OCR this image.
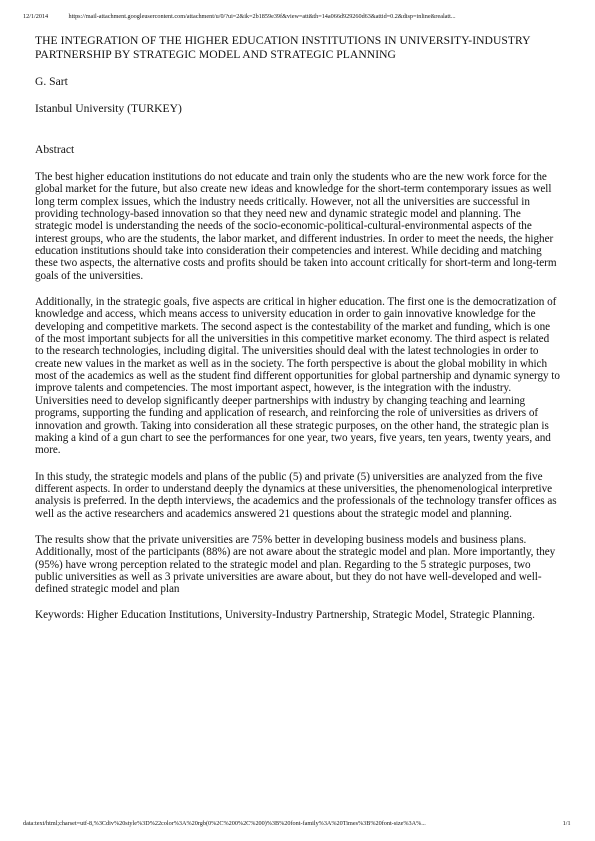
12/1/2014	https://mail-attachment.googleusercontent.com/attachment/u/0/?ui=2&ik=2b1859e39f&view=att&th=14a066d929260d63&attid=0.2&disp=inline&realatt...
THE INTEGRATION OF THE HIGHER EDUCATION INSTITUTIONS IN UNIVERSITY-INDUSTRY PARTNERSHIP BY STRATEGIC MODEL AND STRATEGIC PLANNING

G. Sart

Istanbul University (TURKEY)

Abstract

The best higher education institutions do not educate and train only the students who are the new work force for the global market for the future, but also create new ideas and knowledge for the short-term contemporary issues as well long term complex issues, which the industry needs critically. However, not all the universities are successful in providing technology-based innovation so that they need new and dynamic strategic model and planning. The strategic model is understanding the needs of the socio-economic-political-cultural-environmental aspects of the interest groups, who are the students, the labor market, and different industries. In order to meet the needs, the higher education institutions should take into consideration their competencies and interest. While deciding and matching these two aspects, the alternative costs and profits should be taken into account critically for short-term and long-term goals of the universities.

Additionally, in the strategic goals, five aspects are critical in higher education. The first one is the democratization of knowledge and access, which means access to university education in order to gain innovative knowledge for the developing and competitive markets. The second aspect is the contestability of the market and funding, which is one of the most important subjects for all the universities in this competitive market economy. The third aspect is related to the research technologies, including digital. The universities should deal with the latest technologies in order to create new values in the market as well as in the society. The forth perspective is about the global mobility in which most of the academics as well as the student find different opportunities for global partnership and dynamic synergy to improve talents and competencies. The most important aspect, however, is the integration with the industry. Universities need to develop significantly deeper partnerships with industry by changing teaching and learning programs, supporting the funding and application of research, and reinforcing the role of universities as drivers of innovation and growth. Taking into consideration all these strategic purposes, on the other hand, the strategic plan is making a kind of a gun chart to see the performances for one year, two years, five years, ten years, twenty years, and more.

In this study, the strategic models and plans of the public (5) and private (5) universities are analyzed from the five different aspects. In order to understand deeply the dynamics at these universities, the phenomenological interpretive analysis is preferred. In the depth interviews, the academics and the professionals of the technology transfer offices as well as the active researchers and academics answered 21 questions about the strategic model and planning.

The results show that the private universities are 75% better in developing business models and business plans. Additionally, most of the participants (88%) are not aware about the strategic model and plan. More importantly, they (95%) have wrong perception related to the strategic model and plan. Regarding to the 5 strategic purposes, two public universities as well as 3 private universities are aware about, but they do not have well-developed and well-defined strategic model and plan

Keywords: Higher Education Institutions, University-Industry Partnership, Strategic Model, Strategic Planning.

data:text/html;charset=utf-8,%3Cdiv%20style%3D%22color%3A%20rgb(0%2C%200%2C%200)%3B%20font-family%3A%20Times%3B%20font-size%3A%...	1/1
